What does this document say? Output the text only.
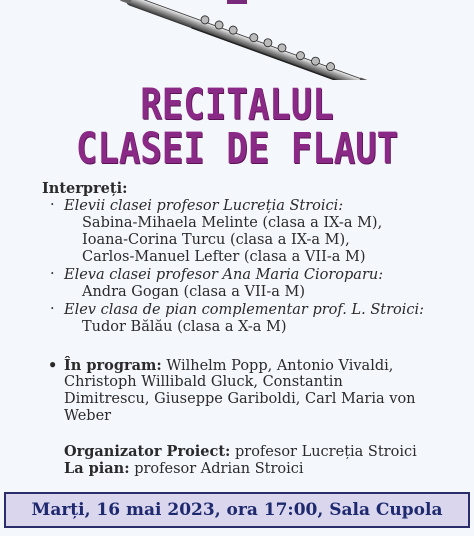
RECITALUL
CLASEI DE FLAUT
Interpreți:
· Elevii clasei profesor Lucreția Stroici:
Sabina-Mihaela Melinte (clasa a IX-a M),
Ioana-Corina Turcu (clasa a IX-a M),
Carlos-Manuel Lefter (clasa a VII-a M)
· Eleva clasei profesor Ana Maria Cioroparu:
Andra Gogan (clasa a VII-a M)
· Elev clasa de pian complementar prof. L. Stroici:
Tudor Bălău (clasa a X-a M)
• În program: Wilhelm Popp, Antonio Vivaldi,
Christoph Willibald Gluck, Constantin
Dimitrescu, Giuseppe Gariboldi, Carl Maria von
Weber
Organizator Proiect: profesor Lucreția Stroici
La pian: profesor Adrian Stroici
Marți, 16 mai 2023, ora 17:00, Sala Cupola
